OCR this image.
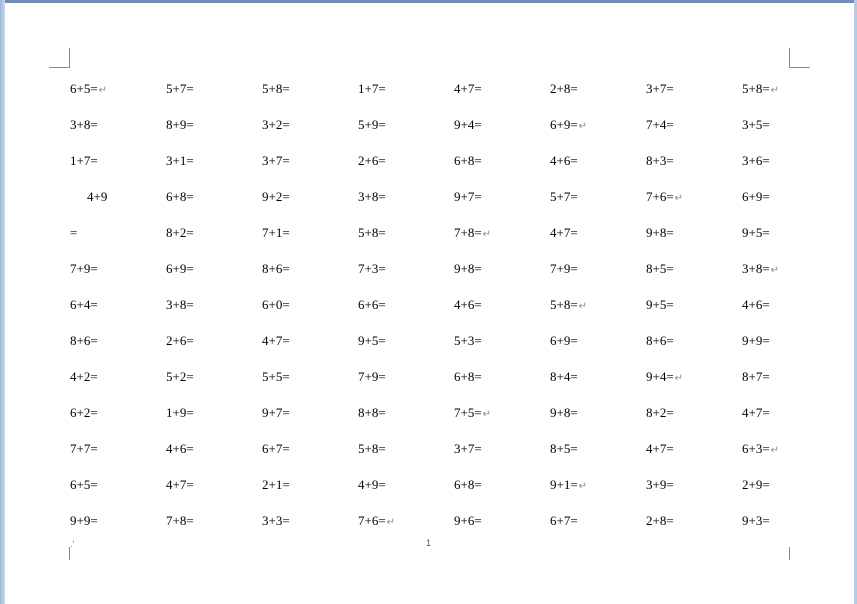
6+5=↵	5+7=	5+8=	1+7=	4+7=	2+8=	3+7=	5+8=↵
3+8=	8+9=	3+2=	5+9=	9+4=	6+9=↵	7+4=	3+5=
1+7=	3+1=	3+7=	2+6=	6+8=	4+6=	8+3=	3+6=
4+9	6+8=	9+2=	3+8=	9+7=	5+7=	7+6=↵	6+9=
=	8+2=	7+1=	5+8=	7+8=↵	4+7=	9+8=	9+5=
7+9=	6+9=	8+6=	7+3=	9+8=	7+9=	8+5=	3+8=↵
6+4=	3+8=	6+0=	6+6=	4+6=	5+8=↵	9+5=	4+6=
8+6=	2+6=	4+7=	9+5=	5+3=	6+9=	8+6=	9+9=
4+2=	5+2=	5+5=	7+9=	6+8=	8+4=	9+4=↵	8+7=
6+2=	1+9=	9+7=	8+8=	7+5=↵	9+8=	8+2=	4+7=
7+7=	4+6=	6+7=	5+8=	3+7=	8+5=	4+7=	6+3=↵
6+5=	4+7=	2+1=	4+9=	6+8=	9+1=↵	3+9=	2+9=
9+9=	7+8=	3+3=	7+6=↵	9+6=	6+7=	2+8=	9+3=
.'	1
